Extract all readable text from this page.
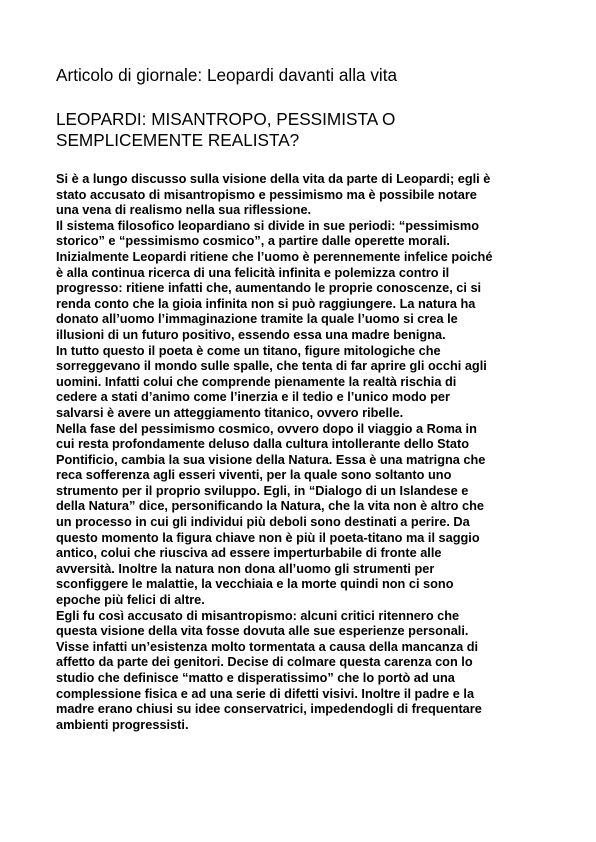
Articolo di giornale: Leopardi davanti alla vita
LEOPARDI: MISANTROPO, PESSIMISTA O
SEMPLICEMENTE REALISTA?
Si è a lungo discusso sulla visione della vita da parte di Leopardi; egli è
stato accusato di misantropismo e pessimismo ma è possibile notare
una vena di realismo nella sua riflessione.
Il sistema filosofico leopardiano si divide in sue periodi: “pessimismo
storico” e “pessimismo cosmico”, a partire dalle operette morali.
Inizialmente Leopardi ritiene che l’uomo è perennemente infelice poiché
è alla continua ricerca di una felicità infinita e polemizza contro il
progresso: ritiene infatti che, aumentando le proprie conoscenze, ci si
renda conto che la gioia infinita non si può raggiungere. La natura ha
donato all’uomo l’immaginazione tramite la quale l’uomo si crea le
illusioni di un futuro positivo, essendo essa una madre benigna.
In tutto questo il poeta è come un titano, figure mitologiche che
sorreggevano il mondo sulle spalle, che tenta di far aprire gli occhi agli
uomini. Infatti colui che comprende pienamente la realtà rischia di
cedere a stati d’animo come l’inerzia e il tedio e l’unico modo per
salvarsi è avere un atteggiamento titanico, ovvero ribelle.
Nella fase del pessimismo cosmico, ovvero dopo il viaggio a Roma in
cui resta profondamente deluso dalla cultura intollerante dello Stato
Pontificio, cambia la sua visione della Natura. Essa è una matrigna che
reca sofferenza agli esseri viventi, per la quale sono soltanto uno
strumento per il proprio sviluppo. Egli, in “Dialogo di un Islandese e
della Natura” dice, personificando la Natura, che la vita non è altro che
un processo in cui gli individui più deboli sono destinati a perire. Da
questo momento la figura chiave non è più il poeta-titano ma il saggio
antico, colui che riusciva ad essere imperturbabile di fronte alle
avversità. Inoltre la natura non dona all’uomo gli strumenti per
sconfiggere le malattie, la vecchiaia e la morte quindi non ci sono
epoche più felici di altre.
Egli fu così accusato di misantropismo: alcuni critici ritennero che
questa visione della vita fosse dovuta alle sue esperienze personali.
Visse infatti un’esistenza molto tormentata a causa della mancanza di
affetto da parte dei genitori. Decise di colmare questa carenza con lo
studio che definisce “matto e disperatissimo” che lo portò ad una
complessione fisica e ad una serie di difetti visivi. Inoltre il padre e la
madre erano chiusi su idee conservatrici, impedendogli di frequentare
ambienti progressisti.
